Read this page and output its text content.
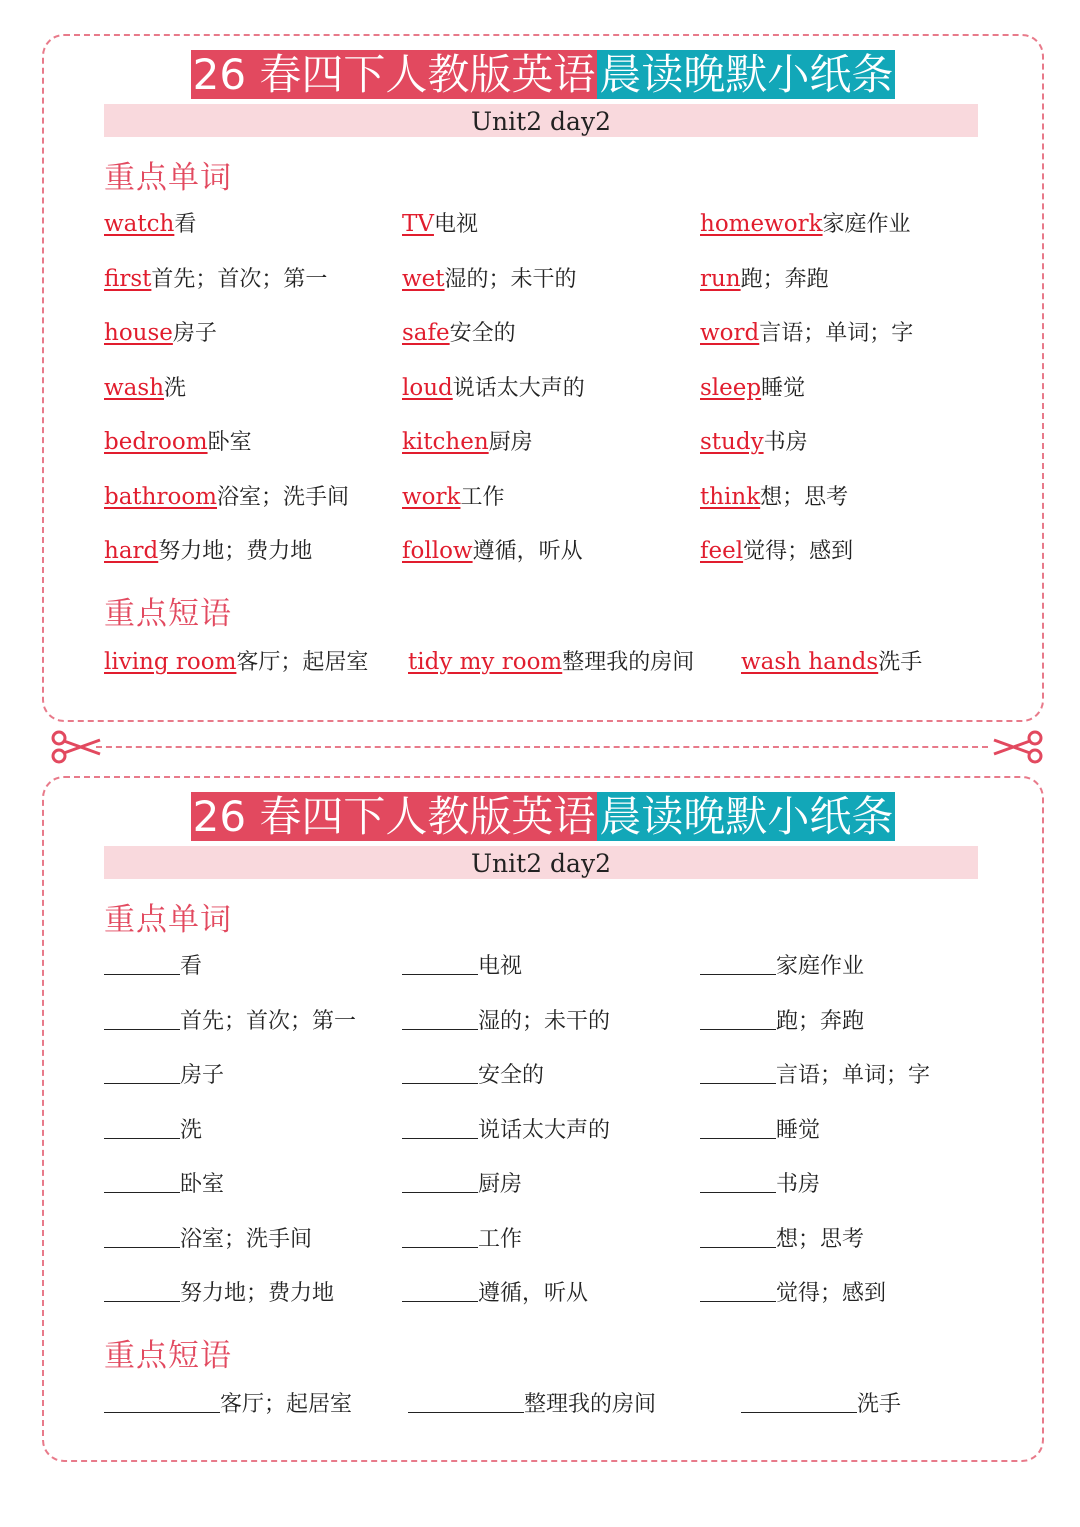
26 春四下人教版英语晨读晚默小纸条
Unit2 day2
重点单词
watch看	TV电视	homework家庭作业
first首先；首次；第一	wet湿的；未干的	run跑；奔跑
house房子	safe安全的	word言语；单词；字
wash洗	loud说话太大声的	sleep睡觉
bedroom卧室	kitchen厨房	study书房
bathroom浴室；洗手间 work工作	think想；思考
hard努力地；费力地	follow遵循，听从	feel觉得；感到
重点短语
living room客厅；起居室 tidy my room整理我的房间 wash hands洗手
26 春四下人教版英语晨读晚默小纸条
Unit2 day2
重点单词
看	电视	家庭作业
首先；首次；第一	湿的；未干的	跑；奔跑
房子	安全的	言语；单词；字
洗	说话太大声的	睡觉
卧室	厨房	书房
浴室；洗手间	工作	想；思考
努力地；费力地	遵循，听从	觉得；感到
重点短语
客厅；起居室	整理我的房间	洗手
